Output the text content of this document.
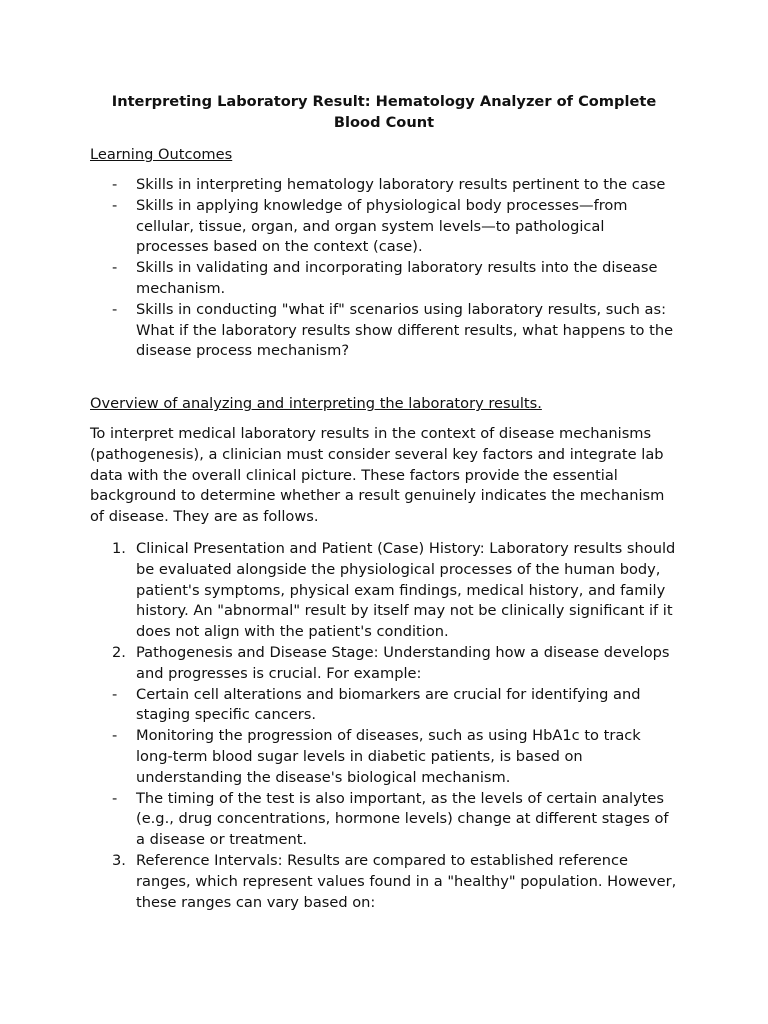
Interpreting Laboratory Result: Hematology Analyzer of Complete Blood Count

Learning Outcomes

-	Skills in interpreting hematology laboratory results pertinent to the case
-	Skills in applying knowledge of physiological body processes—from cellular, tissue, organ, and organ system levels—to pathological processes based on the context (case).
-	Skills in validating and incorporating laboratory results into the disease mechanism.
-	Skills in conducting "what if" scenarios using laboratory results, such as: What if the laboratory results show different results, what happens to the disease process mechanism?

Overview of analyzing and interpreting the laboratory results.

To interpret medical laboratory results in the context of disease mechanisms (pathogenesis), a clinician must consider several key factors and integrate lab data with the overall clinical picture. These factors provide the essential background to determine whether a result genuinely indicates the mechanism of disease. They are as follows.

1. Clinical Presentation and Patient (Case) History: Laboratory results should be evaluated alongside the physiological processes of the human body, patient's symptoms, physical exam findings, medical history, and family history. An "abnormal" result by itself may not be clinically significant if it does not align with the patient's condition.
2. Pathogenesis and Disease Stage: Understanding how a disease develops and progresses is crucial. For example:
-	Certain cell alterations and biomarkers are crucial for identifying and staging specific cancers.
-	Monitoring the progression of diseases, such as using HbA1c to track long-term blood sugar levels in diabetic patients, is based on understanding the disease's biological mechanism.
-	The timing of the test is also important, as the levels of certain analytes (e.g., drug concentrations, hormone levels) change at different stages of a disease or treatment.
3. Reference Intervals: Results are compared to established reference ranges, which represent values found in a "healthy" population. However, these ranges can vary based on:
